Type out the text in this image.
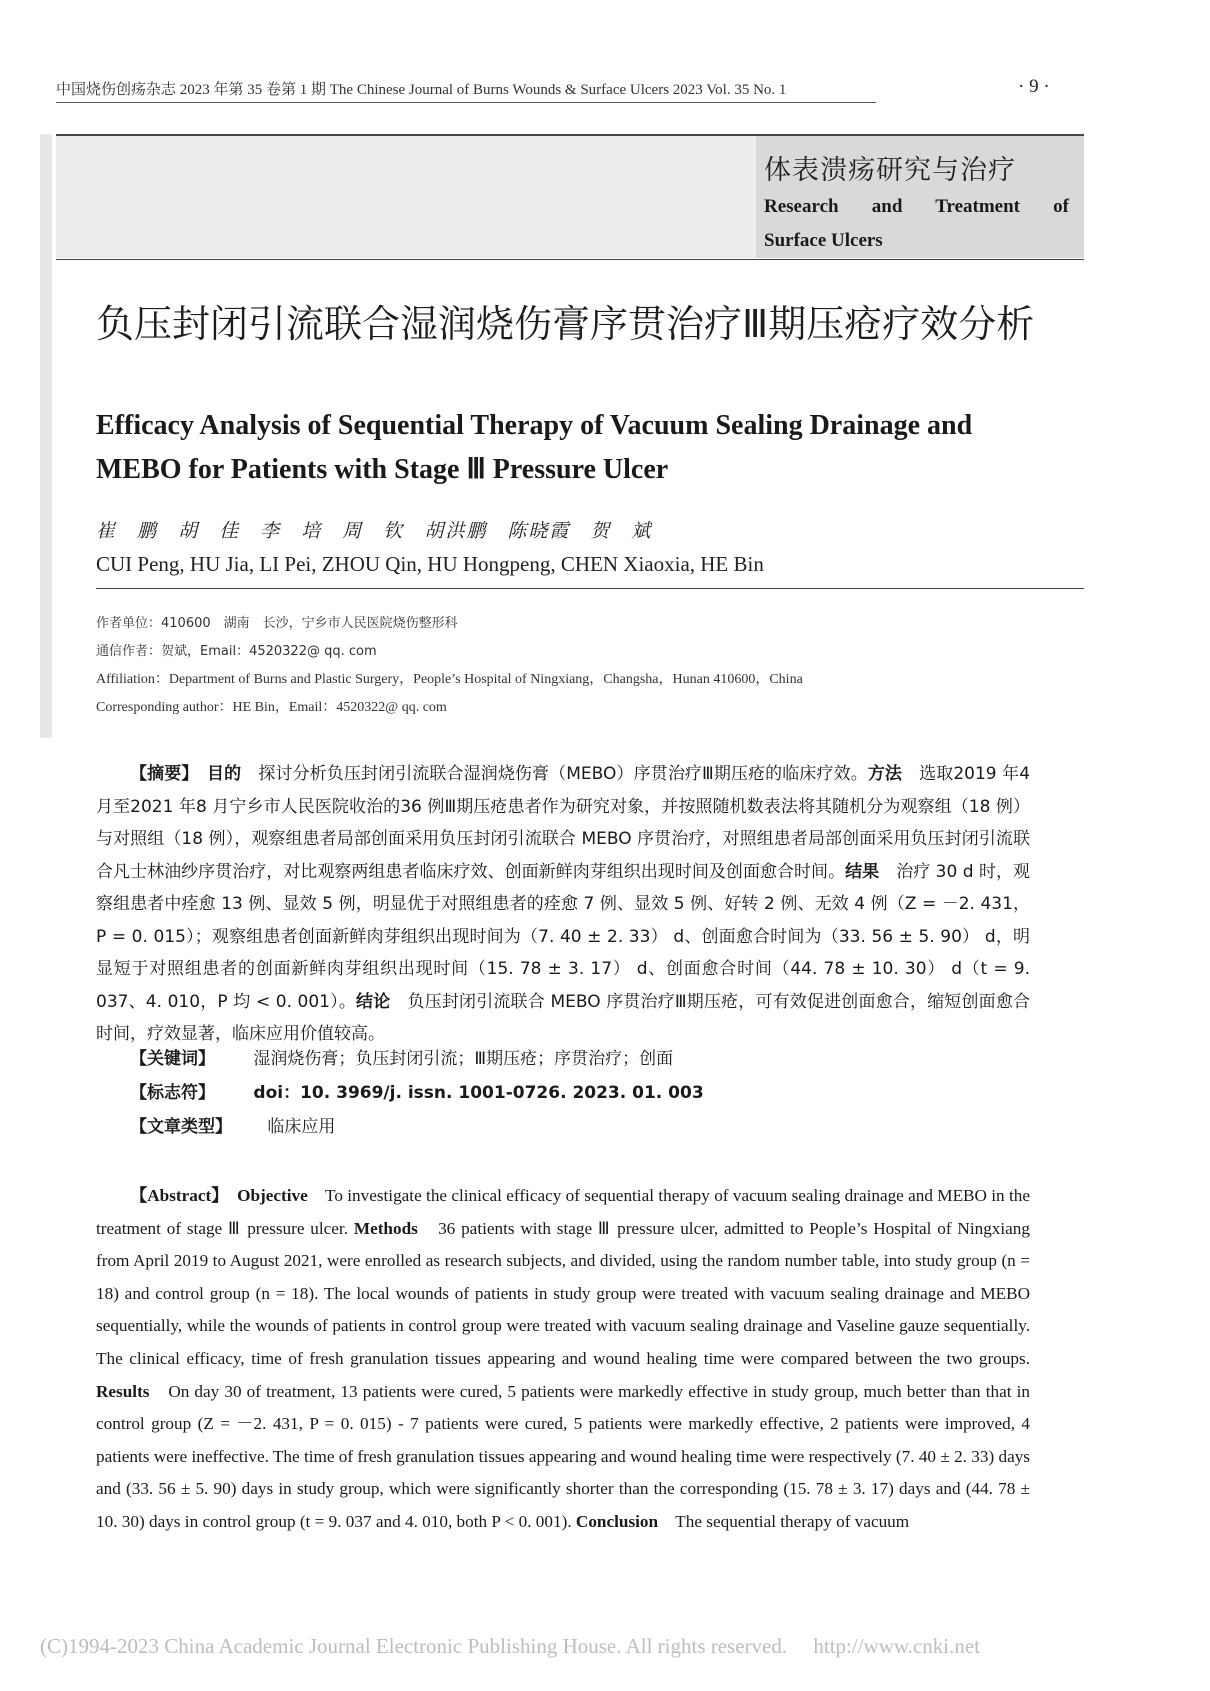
中国烧伤创疡杂志 2023 年第 35 卷第 1 期 The Chinese Journal of Burns Wounds & Surface Ulcers 2023 Vol. 35 No. 1	· 9 ·
体表溃疡研究与治疗
Research and Treatment of
Surface Ulcers
负压封闭引流联合湿润烧伤膏序贯治疗Ⅲ期压疮疗效分析
Efficacy Analysis of Sequential Therapy of Vacuum Sealing Drainage and MEBO for Patients with Stage Ⅲ Pressure Ulcer
崔 鹏 胡 佳 李 培 周 钦 胡洪鹏 陈晓霞 贺 斌
CUI Peng, HU Jia, LI Pei, ZHOU Qin, HU Hongpeng, CHEN Xiaoxia, HE Bin
作者单位：410600　湖南　长沙，宁乡市人民医院烧伤整形科
通信作者：贺斌，Email：4520322@ qq. com
Affiliation：Department of Burns and Plastic Surgery，People’s Hospital of Ningxiang，Changsha，Hunan 410600，China
Corresponding author：HE Bin，Email：4520322@ qq. com
【摘要】　 目的　 探讨分析负压封闭引流联合湿润烧伤膏（MEBO）序贯治疗Ⅲ期压疮的临床疗效。方法　 选取2019 年4 月至2021 年8 月宁乡市人民医院收治的36 例Ⅲ期压疮患者作为研究对象，并按照随机数表法将其随机分为观察组（18 例）与对照组（18 例），观察组患者局部创面采用负压封闭引流联合 MEBO 序贯治疗，对照组患者局部创面采用负压封闭引流联合凡士林油纱序贯治疗，对比观察两组患者临床疗效、创面新鲜肉芽组织出现时间及创面愈合时间。结果　 治疗 30 d 时，观察组患者中痊愈 13 例、显效 5 例，明显优于对照组患者的痊愈 7 例、显效 5 例、好转 2 例、无效 4 例（Z = －2. 431，P = 0. 015）；观察组患者创面新鲜肉芽组织出现时间为（7. 40 ± 2. 33） d、创面愈合时间为（33. 56 ± 5. 90） d，明显短于对照组患者的创面新鲜肉芽组织出现时间（15. 78 ± 3. 17） d、创面愈合时间（44. 78 ± 10. 30） d（t = 9. 037、4. 010，P 均 < 0. 001）。结论　 负压封闭引流联合 MEBO 序贯治疗Ⅲ期压疮，可有效促进创面愈合，缩短创面愈合时间，疗效显著，临床应用价值较高。
【关键词】 湿润烧伤膏；负压封闭引流；Ⅲ期压疮；序贯治疗；创面
【标志符】 doi：10. 3969/j. issn. 1001-0726. 2023. 01. 003
【文章类型】 临床应用
【Abstract】　 Objective　 To investigate the clinical efficacy of sequential therapy of vacuum sealing drainage and MEBO in the treatment of stage Ⅲ pressure ulcer. Methods　 36 patients with stage Ⅲ pressure ulcer, admitted to People’s Hospital of Ningxiang from April 2019 to August 2021, were enrolled as research subjects, and divided, using the random number table, into study group (n = 18) and control group (n = 18). The local wounds of patients in study group were treated with vacuum sealing drainage and MEBO sequentially, while the wounds of patients in control group were treated with vacuum sealing drainage and Vaseline gauze sequentially. The clinical efficacy, time of fresh granulation tissues appearing and wound healing time were compared between the two groups. Results　 On day 30 of treatment, 13 patients were cured, 5 patients were markedly effective in study group, much better than that in control group (Z = －2. 431, P = 0. 015) - 7 patients were cured, 5 patients were markedly effective, 2 patients were improved, 4 patients were ineffective. The time of fresh granulation tissues appearing and wound healing time were respectively (7. 40 ± 2. 33) days and (33. 56 ± 5. 90) days in study group, which were significantly shorter than the corresponding (15. 78 ± 3. 17) days and (44. 78 ± 10. 30) days in control group (t = 9. 037 and 4. 010, both P < 0. 001). Conclusion　 The sequential therapy of vacuum
(C)1994-2023 China Academic Journal Electronic Publishing House. All rights reserved.　 http://www.cnki.net
